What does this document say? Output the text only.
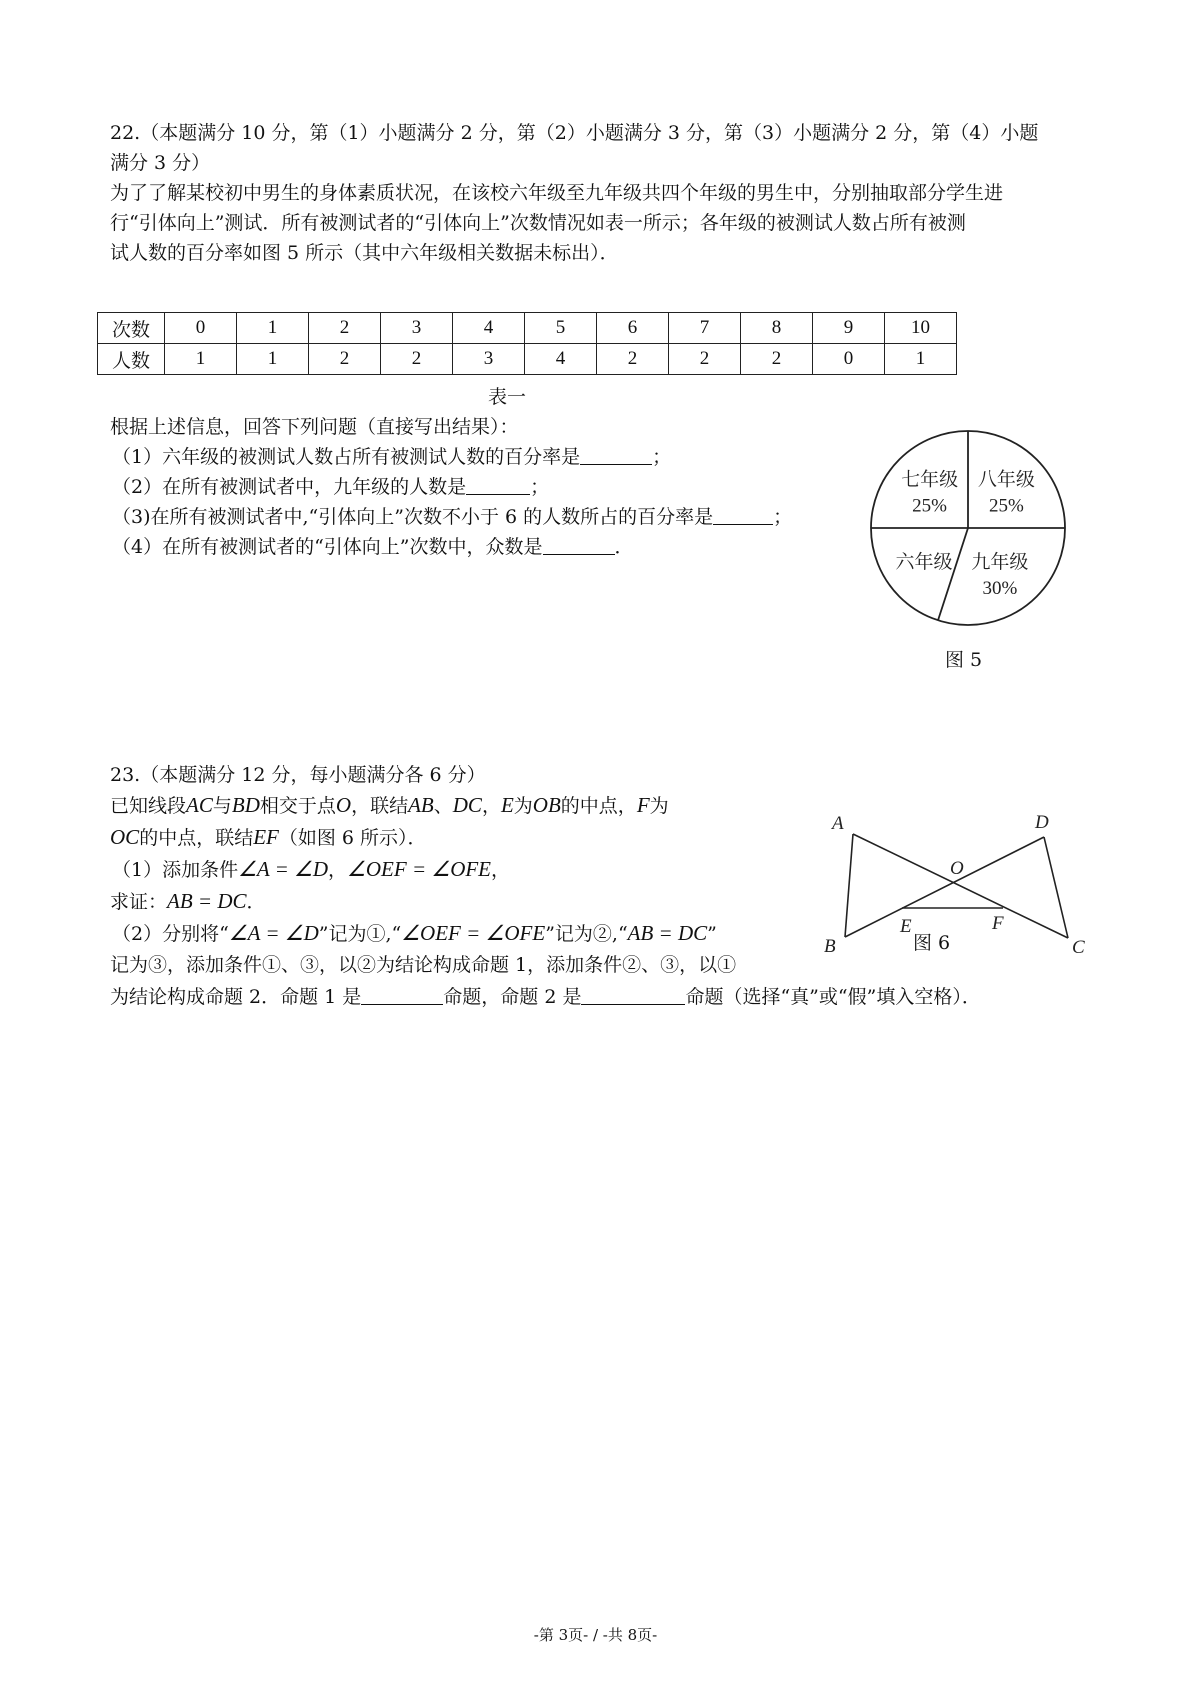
22.（本题满分 10 分，第（1）小题满分 2 分，第（2）小题满分 3 分，第（3）小题满分 2 分，第（4）小题
满分 3 分）
为了了解某校初中男生的身体素质状况，在该校六年级至九年级共四个年级的男生中，分别抽取部分学生进
行“引体向上”测试．所有被测试者的“引体向上”次数情况如表一所示；各年级的被测试人数占所有被测
试人数的百分率如图 5 所示（其中六年级相关数据未标出）．
次数	0	1	2	3	4	5	6	7	8	9	10
人数	1	1	2	2	3	4	2	2	2	0	1
表一
根据上述信息，回答下列问题（直接写出结果）：
（1）六年级的被测试人数占所有被测试人数的百分率是	；
（2）在所有被测试者中，九年级的人数是	；
（3)在所有被测试者中,“引体向上”次数不小于 6 的人数所占的百分率是	；
（4）在所有被测试者的“引体向上”次数中，众数是	．
25%
八年级
30%
九年级
六年级
25%
七年级
图 5
23.（本题满分 12 分，每小题满分各 6 分）
已知线段AC与BD相交于点O，联结AB、DC，E为OB的中点，F为
OC的中点，联结EF（如图 6 所示）．
（1）添加条件∠A = ∠D，∠OEF = ∠OFE，
求证：AB = DC．
（2）分别将“∠A = ∠D”记为①,“∠OEF = ∠OFE”记为②,“AB = DC”
记为③，添加条件①、③，以②为结论构成命题 1，添加条件②、③，以①
为结论构成命题 2．命题 1 是	命题，命题 2 是	命题（选择“真”或“假”填入空格）．
A	D
O
B
E	F
C
图 6
-第 3页- / -共 8页-
